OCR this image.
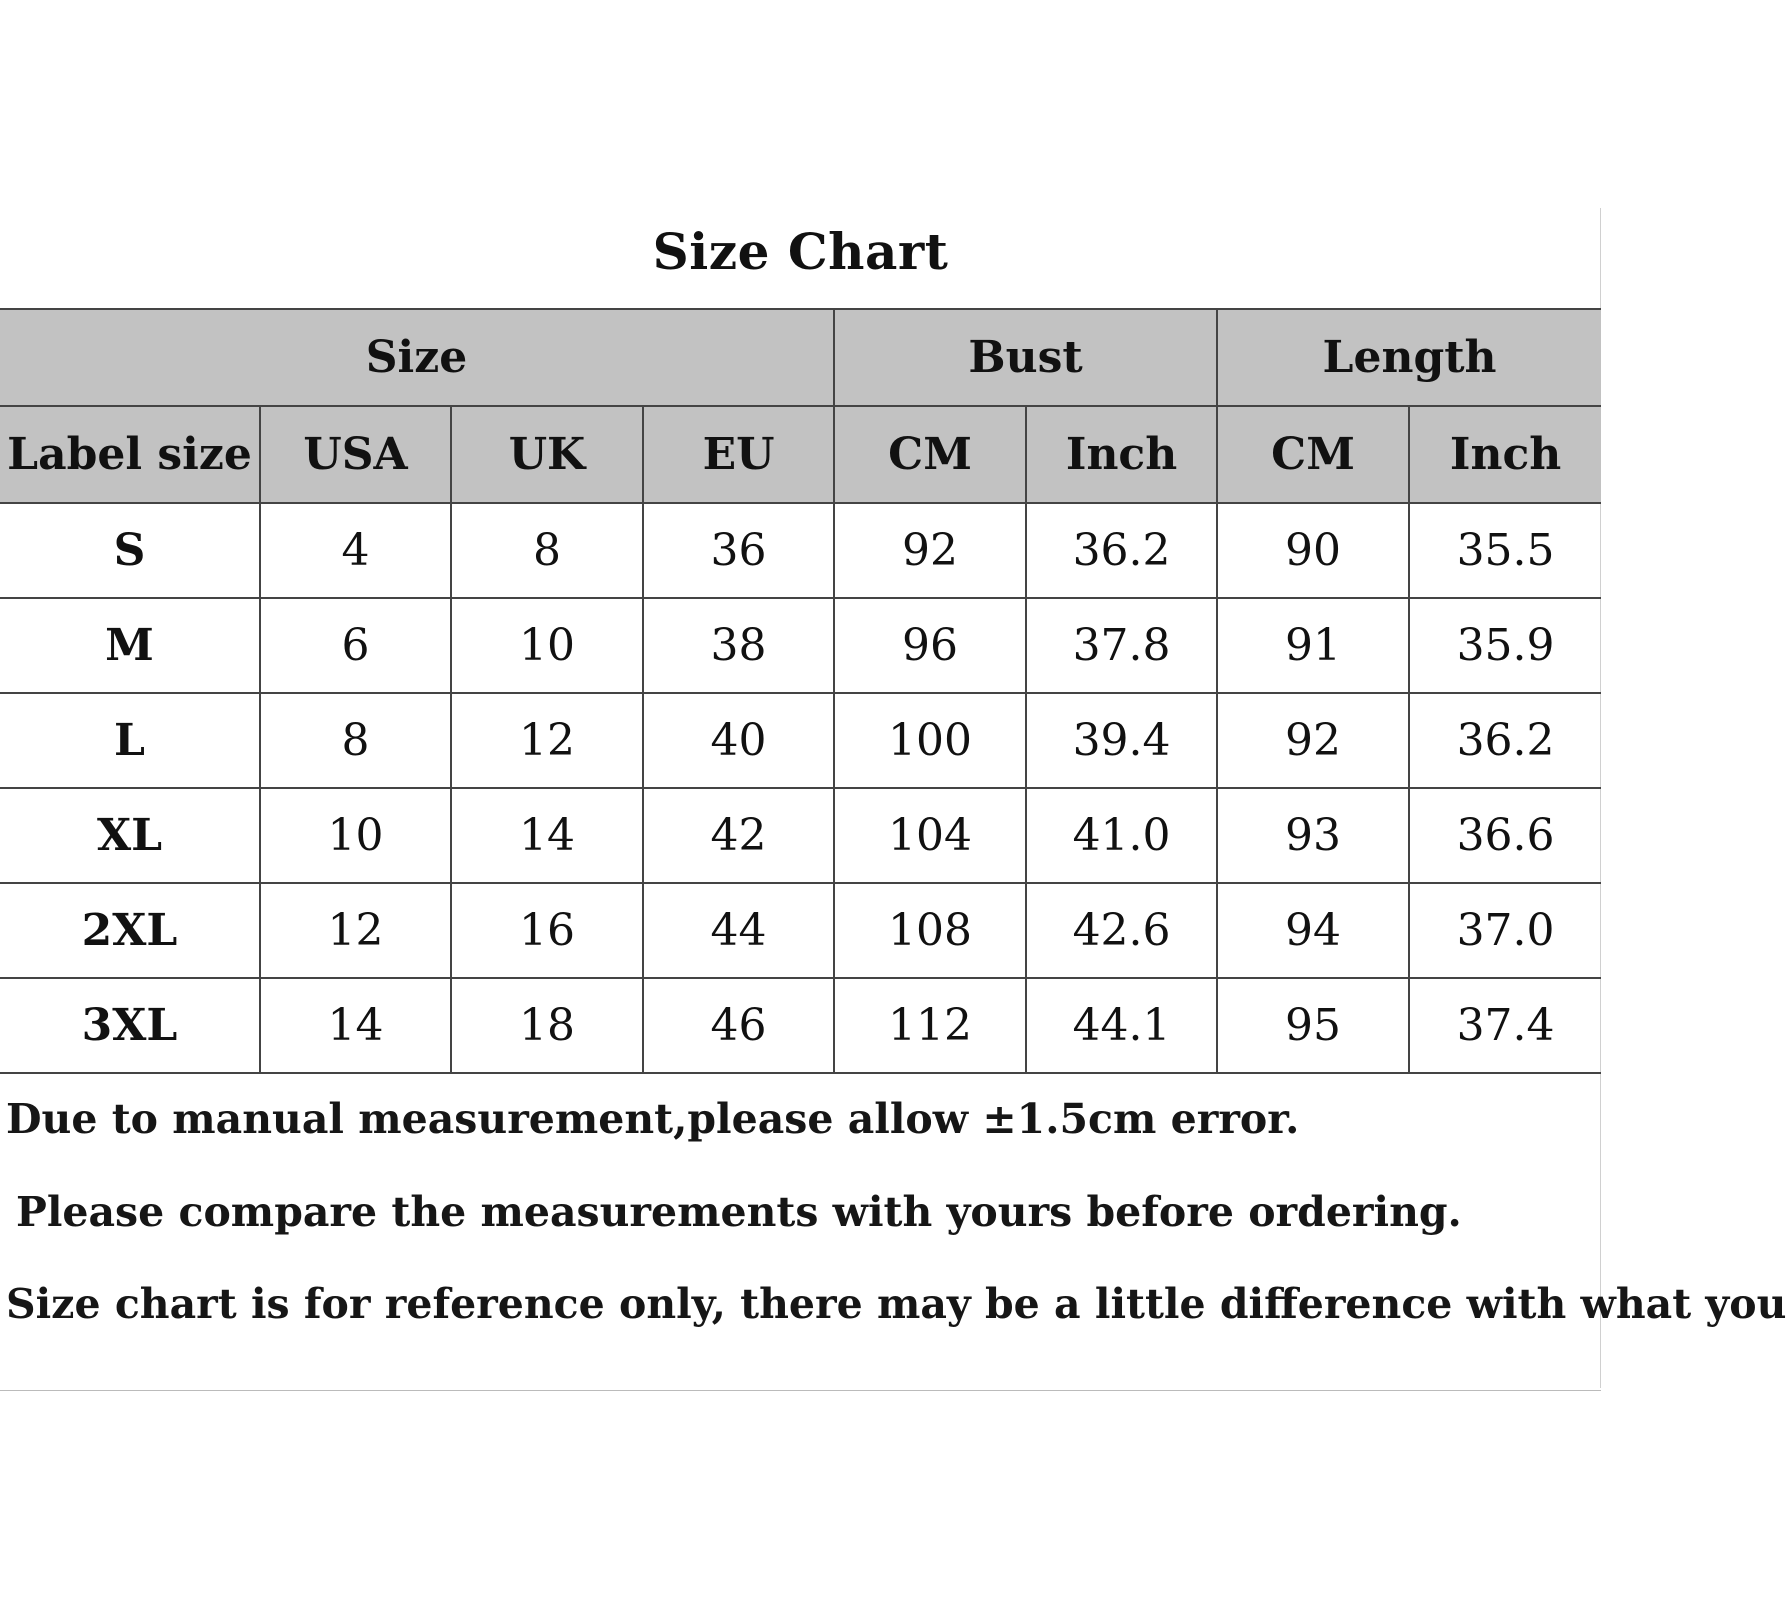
Size Chart
Size				Bust		Length	
Label size	USA	UK	EU	CM	Inch	CM	Inch
S	4	8	36	92	36.2	90	35.5
M	6	10	38	96	37.8	91	35.9
L	8	12	40	100	39.4	92	36.2
XL	10	14	42	104	41.0	93	36.6
2XL	12	16	44	108	42.6	94	37.0
3XL	14	18	46	112	44.1	95	37.4
Due to manual measurement,please allow ±1.5cm error.
Please compare the measurements with yours before ordering.
Size chart is for reference only, there may be a little difference with what you
